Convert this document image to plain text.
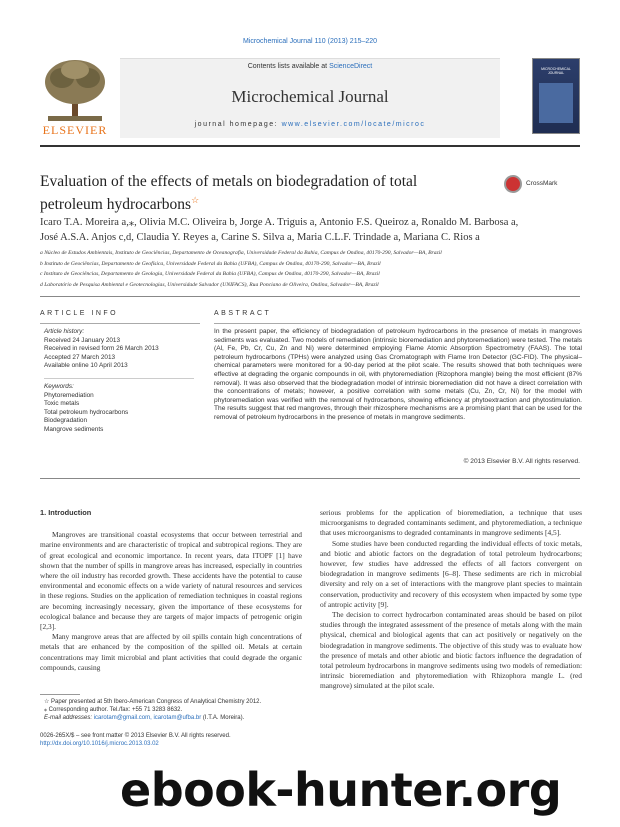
Microchemical Journal 110 (2013) 215–220
ELSEVIER
Contents lists available at ScienceDirect
Microchemical Journal
journal homepage: www.elsevier.com/locate/microc
MICROCHEMICAL JOURNAL
Evaluation of the effects of metals on biodegradation of total petroleum hydrocarbons☆
CrossMark
Icaro T.A. Moreira a,⁎, Olivia M.C. Oliveira b, Jorge A. Triguis a, Antonio F.S. Queiroz a, Ronaldo M. Barbosa a,
José A.S.A. Anjos c,d, Claudia Y. Reyes a, Carine S. Silva a, Maria C.L.F. Trindade a, Mariana C. Rios a
a Núcleo de Estudos Ambientais, Instituto de Geociências, Departamento de Oceanografia, Universidade Federal da Bahia, Campus de Ondina, 40170-290, Salvador—BA, Brazil
b Instituto de Geociências, Departamento de Geofísica, Universidade Federal da Bahia (UFBA), Campus de Ondina, 40170-290, Salvador—BA, Brazil
c Instituto de Geociências, Departamento de Geologia, Universidade Federal da Bahia (UFBA), Campus de Ondina, 40170-290, Salvador—BA, Brazil
d Laboratório de Pesquisa Ambiental e Geotecnologias, Universidade Salvador (UNIFACS), Rua Ponciano de Oliveira, Ondina, Salvador—BA, Brazil
ARTICLE INFO
Article history:
Received 24 January 2013
Received in revised form 26 March 2013
Accepted 27 March 2013
Available online 10 April 2013
Keywords:
Phytoremediation
Toxic metals
Total petroleum hydrocarbons
Biodegradation
Mangrove sediments
ABSTRACT
In the present paper, the efficiency of biodegradation of petroleum hydrocarbons in the presence of metals in mangroves sediments was evaluated. Two models of remediation (intrinsic bioremediation and phytoremediation) were tested. The metals (Al, Fe, Pb, Cr, Cu, Zn and Ni) were determined employing Flame Atomic Absorption Spectrometry (FAAS). The total petroleum hydrocarbons (TPHs) were analyzed using Gas Cromatograph with Flame Iron Detector (GC-FID). The physical–chemical parameters were monitored for a 90-day period at the pilot scale. The results showed that both techniques were effective at degrading the organic compounds in oil, with phytoremediation (Rizophora mangle) being the most efficient (87% removal). It was also observed that the biodegradation model of intrinsic bioremediation did not have a direct correlation with the concentrations of metals; however, a positive correlation with some metals (Cu, Zn, Cr, Ni) for the model with phytoremediation was verified with the removal of hydrocarbons, showing efficiency at phytoextraction and phytostimulation. The results suggest that red mangroves, through their rhizosphere mechanisms are a promising plant that can be used for the removal of petroleum hydrocarbons in the presence of metals in mangrove sediments.
© 2013 Elsevier B.V. All rights reserved.
1. Introduction

Mangroves are transitional coastal ecosystems that occur between terrestrial and marine environments and are characteristic of tropical and subtropical regions. They are of great ecological and economic importance. In recent years, data ITOPF [1] have shown that the number of spills in mangrove areas has increased, especially in countries where the oil industry has recorded growth. These accidents have the potential to cause environmental and economic effects on a wide variety of natural resources and services in these regions. Studies on the application of remediation techniques in coastal regions are becoming increasingly necessary, given the importance of these ecosystems for ecological balance and because they are targets of major impacts of petrogenic origin [2,3].

Many mangrove areas that are affected by oil spills contain high concentrations of metals that are enhanced by the composition of the spilled oil. Metals at certain concentrations may limit microbial and plant activities that could degrade the organic compounds, causing

serious problems for the application of bioremediation, a technique that uses microorganisms to degraded contaminants sediment, and phytoremediation, a technique that uses microorganisms to degraded contaminants in mangrove sediments [4,5].

Some studies have been conducted regarding the individual effects of toxic metals, and biotic and abiotic factors on the degradation of total petroleum hydrocarbons; however, few studies have addressed the effects of all factors convergent on biodegradation in mangrove sediments [6–8]. These sediments are rich in microbial diversity and rely on a set of interactions with the mangrove plant species to maintain conservation, productivity and recovery of this ecosystem when impacted by some type of antropic activity [9].

The decision to correct hydrocarbon contaminated areas should be based on pilot studies through the integrated assessment of the presence of metals along with the main physical, chemical and biological agents that can act positively or negatively on the biodegradation in mangrove sediments. The objective of this study was to evaluate how the presence of metals and other abiotic and biotic factors influence the degradation of total petroleum hydrocarbons in mangrove sediments using two models of remediation: intrinsic bioremediation and phytoremediation with Rhizophora mangle L. (red mangrove) simulated at the pilot scale.

☆ Paper presented at 5th Ibero-American Congress of Analytical Chemistry 2012.
⁎ Corresponding author. Tel./fax: +55 71 3283 8632.
E-mail addresses: icarotam@gmail.com, icarotam@ufba.br (I.T.A. Moreira).
0026-265X/$ – see front matter © 2013 Elsevier B.V. All rights reserved.
http://dx.doi.org/10.1016/j.microc.2013.03.02
ebook-hunter.org
